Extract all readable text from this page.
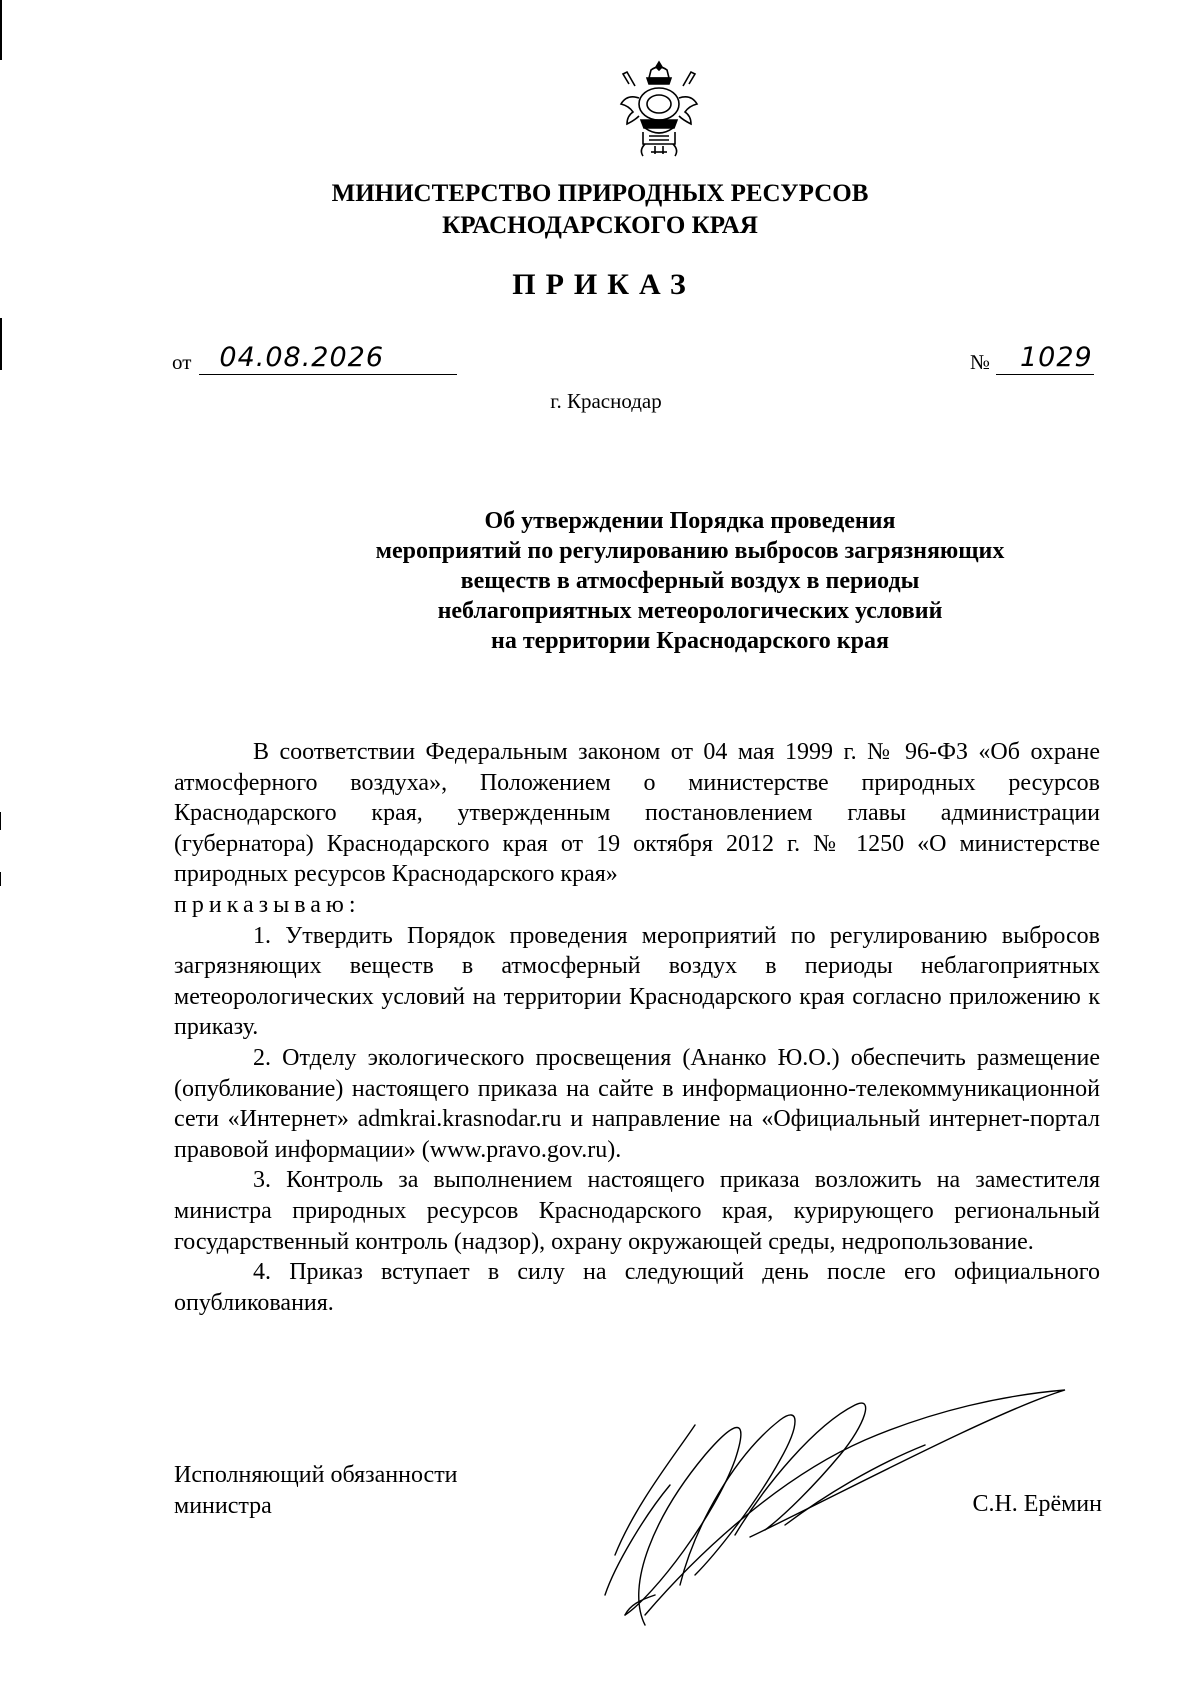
МИНИСТЕРСТВО ПРИРОДНЫХ РЕСУРСОВ
КРАСНОДАРСКОГО КРАЯ
ПРИКАЗ
от 04.08.2026	№ 1029
г. Краснодар
Об утверждении Порядка проведения
мероприятий по регулированию выбросов загрязняющих
веществ в атмосферный воздух в периоды
неблагоприятных метеорологических условий
на территории Краснодарского края

В соответствии Федеральным законом от 04 мая 1999 г. № 96-ФЗ «Об охране атмосферного воздуха», Положением о министерстве природных ресурсов Краснодарского края, утвержденным постановлением главы администрации (губернатора) Краснодарского края от 19 октября 2012 г. № 1250 «О министерстве природных ресурсов Краснодарского края»

приказываю:

1. Утвердить Порядок проведения мероприятий по регулированию выбросов загрязняющих веществ в атмосферный воздух в периоды неблагоприятных метеорологических условий на территории Краснодарского края согласно приложению к приказу.

2. Отделу экологического просвещения (Ананко Ю.О.) обеспечить размещение (опубликование) настоящего приказа на сайте в информационно-телекоммуникационной сети «Интернет» admkrai.krasnodar.ru и направление на «Официальный интернет-портал правовой информации» (www.pravo.gov.ru).

3. Контроль за выполнением настоящего приказа возложить на заместителя министра природных ресурсов Краснодарского края, курирующего региональный государственный контроль (надзор), охрану окружающей среды, недропользование.

4. Приказ вступает в силу на следующий день после его официального опубликования.

Исполняющий обязанности
министра	С.Н. Ерёмин
